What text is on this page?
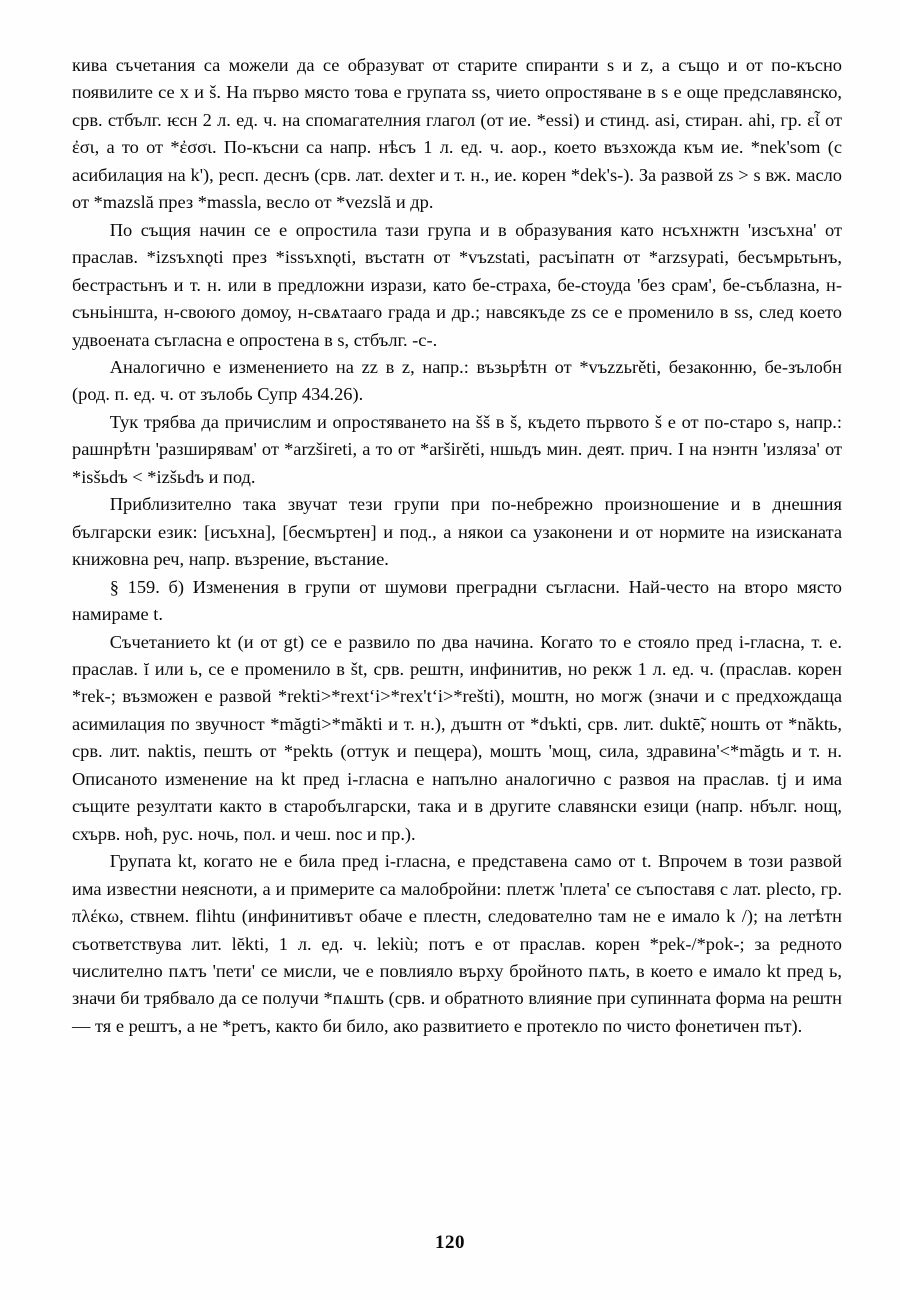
кива съчетания са можели да се образуват от старите спиранти s и z, а също и от по-късно появилите се x и š. На първо място това е групата ss, чието опростяване в s е още предславянско, срв. стбълг. ѥсн 2 л. ед. ч. на спомагателния глагол (от ие. *essi) и стинд. asi, стиран. ahi, гр. εἶ от ἐσι, а то от *ἐσσι. По-късни са напр. нѣсъ 1 л. ед. ч. аор., което възхожда към ие. *nek'som (с асибилация на k'), респ. деснъ (срв. лат. dexter и т. н., ие. корен *dek's-). За развой zs > s вж. масло от *mazslă през *massla, весло от *vezslă и др.

По същия начин се е опростила тази група и в образувания като нсъхнжтн 'изсъхна' от праслав. *izsъxnǫti през *issъxnǫti, въстатн от *vъzstati, расъіпатн от *arzsypati, бесъмрьтьнъ, бестрастьнъ и т. н. или в предложни изрази, като бе-страха, бе-стоуда 'без срам', бе-съблазна, н-съньіншта, н-своюго домоу, н-свѧтааго града и др.; навсякъде zs се е променило в ss, след което удвоената съгласна е опростена в s, стбълг. -с-.

Аналогично е изменението на zz в z, напр.: възьрѣтн от *vъzzьrěti, безаконню, бе-зълобн (род. п. ед. ч. от зълобь Супр 434.26).

Тук трябва да причислим и опростяването на šš в š, където първото š е от по-старо s, напр.: рашнрѣтн 'разширявам' от *arzširetі, а то от *aršіrětі, ншьдъ мин. деят. прич. I на нэнтн 'изляза' от *isšьdъ < *izšьdъ и под.

Приблизително така звучат тези групи при по-небрежно произношение и в днешния български език: [исъхна], [бесмъртен] и под., а някои са узаконени и от нормите на изисканата книжовна реч, напр. възрение, въстание.

§ 159. б) Изменения в групи от шумови преградни съгласни. Най-често на второ място намираме t.

Съчетанието kt (и от gt) се е развило по два начина. Когато то е стояло пред i-гласна, т. е. праслав. ĭ или ь, се е променило в št, срв. рештн, инфинитив, но рекж 1 л. ед. ч. (праслав. корен *rek-; възможен е развой *rekti>*rextʻi>*rex'tʻi>*reštі), моштн, но могж (значи и с предхождаща асимилация по звучност *măgti>*măkti и т. н.), дъштн от *dъkti, срв. лит. duktē̃, ношть от *năktь, срв. лит. naktis, пешть от *pektь (оттук и пещера), мошть 'мощ, сила, здравина'<*măgtь и т. н. Описаното изменение на kt пред i-гласна е напълно аналогично с развоя на праслав. tj и има същите резултати както в старобългарски, така и в другите славянски езици (напр. нбълг. нощ, схърв. ноћ, рус. ночь, пол. и чеш. noc и пр.).

Групата kt, когато не е била пред i-гласна, е представена само от t. Впрочем в този развой има известни неясноти, а и примерите са малобройни: плетж 'плета' се съпоставя с лат. plecto, гр. πλέκω, ствнем. flihtu (инфинитивът обаче е плестн, следователно там не е имало k /); на летѣтн съответствува лит. lĕkti, 1 л. ед. ч. lekiù; потъ е от праслав. корен *pek-/*pok-; за редното числително пѧтъ 'пети' се мисли, че е повлияло върху бройното пѧть, в което е имало kt пред ь, значи би трябвало да се получи *пѧшть (срв. и обратното влияние при супинната форма на рештн — тя е рештъ, а не *ретъ, както би било, ако развитието е протекло по чисто фонетичен път).

120
